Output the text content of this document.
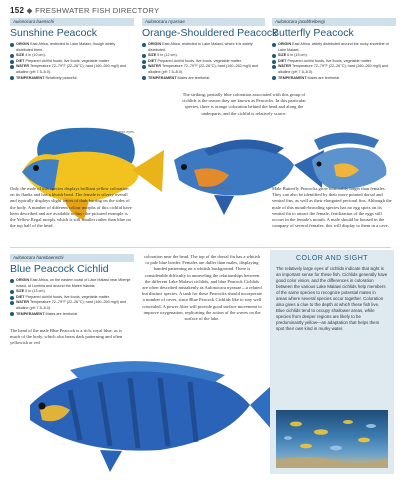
152 ◆ FRESHWATER FISH DIRECTORY
Aulonocara baenschi	Aulonocara nyassae	Aulonocara jacobfreibergi
Sunshine Peacock	Orange-Shouldered Peacock
Butterfly Peacock
ORIGIN East Africa, restricted to Lake Malawi, though widely distributed there.
SIZE 4 in (10 cm).
DIET Prepared cichlid foods, live foods, vegetable matter.
WATER Temperature 72–79°F (22–26°C); hard (160–260 mg/l) and alkaline (pH 7.5–8.0).
TEMPERAMENT Relatively peaceful.
ORIGIN East Africa, restricted to Lake Malawi, where it is widely distributed.
SIZE 5 in (12 cm).
DIET Prepared cichlid foods, live foods, vegetable matter.
WATER Temperature 72–79°F (22–26°C); hard (160–260 mg/l) and alkaline (pH 7.5–8.0).
TEMPERAMENT Males are territorial.
ORIGIN East Africa, widely distributed around the rocky shoreline of Lake Malawi.
SIZE 6 in (15 cm).
DIET Prepared cichlid foods, live foods, vegetable matter.
WATER Temperature 72–79°F (22–26°C); hard (160–260 mg/l) and alkaline (pH 7.5–8.0).
TEMPERAMENT Males are territorial.
The striking, partially blue coloration associated with this group of cichlids is the reason they are known as Peacocks. In this particular species, there is orange coloration behind the head and along the underparts, and the cichlid is relatively scarce.
Large eyes
Ventral blue barring
Only the male of this species displays brilliant yellow coloration on its flanks and has a bluish head. The female is silvery overall and typically displays slight traces of dark barring on the sides of the body. A number of different colour morphs of this cichlid have been described and are available to buy; the pictured example is the Yellow Regal morph, which is still smaller rather than blue on the top half of the head.
Male Butterfly Peacocks grow noticeably larger than females. They can also be identified by their more pointed dorsal and ventral fins, as well as their elongated pectoral fins. Although the male of this mouth-brooding species has no egg spots on its ventral fin to attract the female, fertilization of the eggs still occurs in the female's mouth. A male should be housed in the company of several females; this will display to them in a cave.
Aulonocara hansbaenschi
Blue Peacock Cichlid
ORIGIN East Africa, on the eastern coast of Lake Malawi near Mbenje Island, at Lumbila and around the Maleri Islands.
SIZE 5 in (13 cm).
DIET Prepared cichlid foods, live foods, vegetable matter.
WATER Temperature 72–79°F (22–26°C); hard (160–260 mg/l) and alkaline (pH 7.5–8.0).
TEMPERAMENT Males are territorial.
The head of the male Blue Peacock is a rich, royal blue, as is much of the body, which also bears dark patterning and often yellowish or red
coloration near the head. The top of the dorsal fin has a whitish or pale blue border. Females are duller than males, displaying banded patterning on a whitish background. There is considerable difficulty in unraveling the relationships between the different Lake Malawi cichlids, and blue Peacock Cichlids are often described mistakenly as Aulonocara nyassae—a related but distinct species. A tank for these Peacocks should incorporate a number of caves, since Blue Peacock Cichlids like to stay well concealed. A power filter will provide good surface movement to improve oxygenation, replicating the action of the waves on the surface of the lake.
COLOR AND SIGHT
The relatively large eyes of cichlids indicate that sight is an important sense for these fish. Cichlids generally have good color vision, and the differences in coloration between the various Lake Malawi cichlids help members of the same species to recognize potential mates in areas where several species occur together. Coloration also gives a clue to the depth at which these fish live. Blue cichlids tend to occupy shallower areas, while species from deeper regions are likely to be predominantly yellow—an adaptation that helps them spot their own kind in murky water.
